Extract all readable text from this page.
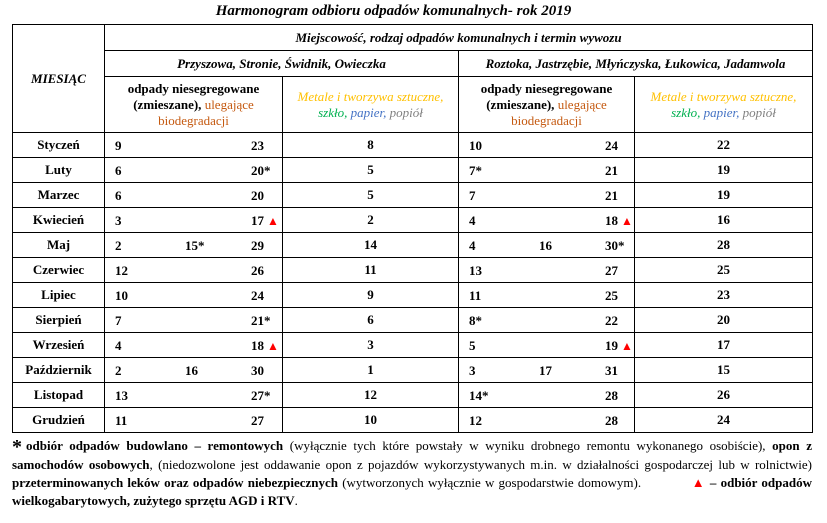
Harmonogram odbioru odpadów komunalnych- rok 2019
MIESIĄC	Miejscowość, rodzaj odpadów komunalnych i termin wywozu			
	Przyszowa, Stronie, Świdnik, Owieczka		Roztoka, Jastrzębie, Młyńczyska, Łukowica, Jadamwola	
	odpady niesegregowane
(zmieszane), ulegające
biodegradacji	Metale i tworzywa sztuczne,
szkło, papier, popiół	odpady niesegregowane
(zmieszane), ulegające
biodegradacji	Metale i tworzywa sztuczne,
szkło, papier, popiół
Styczeń	9 23	8	10 24	22
Luty	6 20*	5	7* 21	19
Marzec	6 20	5	7 21	19
Kwiecień	3 17 ▲	2	4 18 ▲	16
Maj	2 15* 29	14	4 16 30*	28
Czerwiec	12 26	11	13 27	25
Lipiec	10 24	9	11 25	23
Sierpień	7 21*	6	8* 22	20
Wrzesień	4 18 ▲	3	5 19 ▲	17
Październik	2 16 30	1	3 17 31	15
Listopad	13 27*	12	14* 28	26
Grudzień	11 27	10	12 28	24
* odbiór odpadów budowlano – remontowych (wyłącznie tych które powstały w wyniku drobnego remontu wykonanego osobiście), opon z samochodów osobowych, (niedozwolone jest oddawanie opon z pojazdów wykorzystywanych m.in. w działalności gospodarczej lub w rolnictwie) przeterminowanych leków oraz odpadów niebezpiecznych (wytworzonych wyłącznie w gospodarstwie domowym).	▲ – odbiór odpadów wielkogabarytowych, zużytego sprzętu AGD i RTV.
